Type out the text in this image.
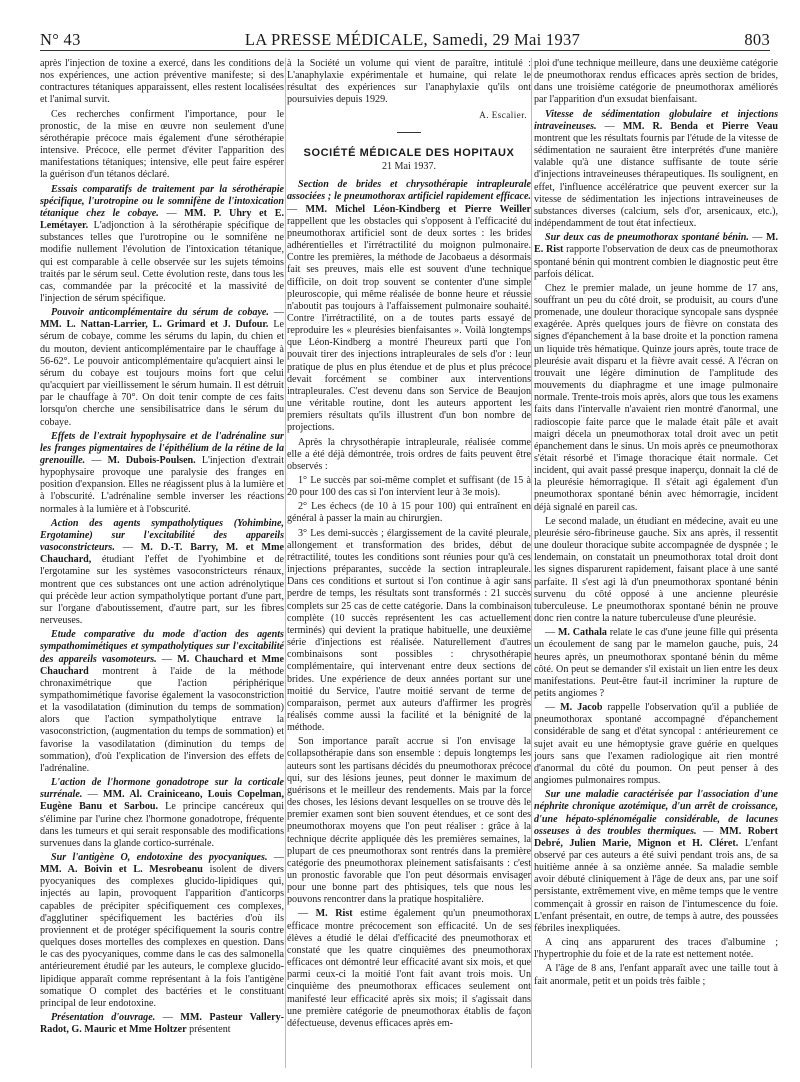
N° 43	LA PRESSE MÉDICALE, Samedi, 29 Mai 1937	803

après l'injection de toxine a exercé, dans les conditions de nos expériences, une action préventive manifeste; si des contractures tétaniques apparaissent, elles restent localisées et l'animal survit.

Ces recherches confirment l'importance, pour le pronostic, de la mise en œuvre non seulement d'une sérothérapie précoce mais également d'une sérothérapie intensive. Précoce, elle permet d'éviter l'apparition des manifestations tétaniques; intensive, elle peut faire espérer la guérison d'un tétanos déclaré.

Essais comparatifs de traitement par la sérothérapie spécifique, l'urotropine ou le somnifène de l'intoxication tétanique chez le cobaye. — MM. P. Uhry et E. Lemétayer. L'adjonction à la sérothérapie spécifique de substances telles que l'urotropine ou le somnifène ne modifie nullement l'évolution de l'intoxication tétanique, qui est comparable à celle observée sur les sujets témoins traités par le sérum seul. Cette évolution reste, dans tous les cas, commandée par la précocité et la massivité de l'injection de sérum spécifique.

Pouvoir anticomplémentaire du sérum de cobaye. — MM. L. Nattan-Larrier, L. Grimard et J. Dufour. Le sérum de cobaye, comme les sérums du lapin, du chien et du mouton, devient anticomplémentaire par le chauffage à 56-62°. Le pouvoir anticomplémentaire qu'acquiert ainsi le sérum du cobaye est toujours moins fort que celui qu'acquiert par vieillissement le sérum humain. Il est détruit par le chauffage à 70°. On doit tenir compte de ces faits lorsqu'on cherche une sensibilisatrice dans le sérum du cobaye.

Effets de l'extrait hypophysaire et de l'adrénaline sur les franges pigmentaires de l'épithélium de la rétine de la grenouille. — M. Dubois-Poulsen. L'injection d'extrait hypophysaire provoque une paralysie des franges en position d'expansion. Elles ne réagissent plus à la lumière et à l'obscurité. L'adrénaline semble inverser les réactions normales à la lumière et à l'obscurité.

Action des agents sympatholytiques (Yohimbine, Ergotamine) sur l'excitabilité des appareils vasoconstricteurs. — M. D.-T. Barry, M. et Mme Chauchard, étudiant l'effet de l'yohimbine et de l'ergotamine sur les systèmes vasoconstricteurs rénaux, montrent que ces substances ont une action adrénolytique qui précède leur action sympatholytique portant d'une part, sur l'organe d'aboutissement, d'autre part, sur les fibres nerveuses.

Etude comparative du mode d'action des agents sympathomimétiques et sympatholytiques sur l'excitabilité des appareils vasomoteurs. — M. Chauchard et Mme Chauchard montrent à l'aide de la méthode chronaximétrique que l'action périphérique sympathomimétique favorise également la vasoconstriction et la vasodilatation (diminution du temps de sommation) alors que l'action sympatholytique entrave la vasoconstriction, (augmentation du temps de sommation) et favorise la vasodilatation (diminution du temps de sommation), d'où l'explication de l'inversion des effets de l'adrénaline.

L'action de l'hormone gonadotrope sur la corticale surrénale. — MM. Al. Crainiceano, Louis Copelman, Eugène Banu et Sarbou. Le principe cancéreux qui s'élimine par l'urine chez l'hormone gonadotrope, fréquente dans les tumeurs et qui serait responsable des modifications survenues dans la glande cortico-surrénale.

Sur l'antigène O, endotoxine des pyocyaniques. — MM. A. Boivin et L. Mesrobeanu isolent de divers pyocyaniques des complexes glucido-lipidiques qui, injectés au lapin, provoquent l'apparition d'anticorps capables de précipiter spécifiquement ces complexes, d'agglutiner spécifiquement les bactéries d'où ils proviennent et de protéger spécifiquement la souris contre quelques doses mortelles des complexes en question. Dans le cas des pyocyaniques, comme dans le cas des salmonella antérieurement étudié par les auteurs, le complexe glucido-lipidique apparaît comme représentant à la fois l'antigène somatique O complet des bactéries et le constituant principal de leur endotoxine.

Présentation d'ouvrage. — MM. Pasteur Vallery-Radot, G. Mauric et Mme Holtzer présentent

à la Société un volume qui vient de paraître, intitulé : L'anaphylaxie expérimentale et humaine, qui relate le résultat des expériences sur l'anaphylaxie qu'ils ont poursuivies depuis 1929.

A. Escalier.

SOCIÉTÉ MÉDICALE DES HOPITAUX
21 Mai 1937.

Section de brides et chrysothérapie intrapleurale associées ; le pneumothorax artificiel rapidement efficace. — MM. Michel Léon-Kindberg et Pierre Weiller rappellent que les obstacles qui s'opposent à l'efficacité du pneumothorax artificiel sont de deux sortes : les brides adhérentielles et l'irrétractilité du moignon pulmonaire. Contre les premières, la méthode de Jacobaeus a désormais fait ses preuves, mais elle est souvent d'une technique difficile, on doit trop souvent se contenter d'une simple pleuroscopie, qui même réalisée de bonne heure et réussie n'aboutit pas toujours à l'affaissement pulmonaire souhaité. Contre l'irrétractilité, on a de toutes parts essayé de reproduire les « pleurésies bienfaisantes ». Voilà longtemps que Léon-Kindberg a montré l'heureux parti que l'on pouvait tirer des injections intrapleurales de sels d'or : leur pratique de plus en plus étendue et de plus et plus précoce devait forcément se combiner aux interventions intrapleurales. C'est devenu dans son Service de Beaujon une véritable routine, dont les auteurs apportent les premiers résultats qu'ils illustrent d'un bon nombre de projections.

Après la chrysothérapie intrapleurale, réalisée comme elle a été déjà démontrée, trois ordres de faits peuvent être observés :

1° Le succès par soi-même complet et suffisant (de 15 à 20 pour 100 des cas si l'on intervient leur à 3e mois).

2° Les échecs (de 10 à 15 pour 100) qui entraînent en général à passer la main au chirurgien.

3° Les demi-succès ; élargissement de la cavité pleurale, allongement et transformation des brides, début de rétractilité, toutes les conditions sont réunies pour qu'à ces injections préparantes, succède la section intrapleurale. Dans ces conditions et surtout si l'on continue à agir sans perdre de temps, les résultats sont transformés : 21 succès complets sur 25 cas de cette catégorie. Dans la combinaison complète (10 succès représentent les cas actuellement terminés) qui devient la pratique habituelle, une deuxième série d'injections est réalisée. Naturellement d'autres combinaisons sont possibles : chrysothérapie complémentaire, qui intervenant entre deux sections de brides. Une expérience de deux années portant sur une moitié du Service, l'autre moitié servant de terme de comparaison, permet aux auteurs d'affirmer les progrès réalisés comme aussi la facilité et la bénignité de la méthode.

Son importance paraît accrue si l'on envisage la collapsothérapie dans son ensemble : depuis longtemps les auteurs sont les partisans décidés du pneumothorax précoce qui, sur des lésions jeunes, peut donner le maximum de guérisons et le meilleur des rendements. Mais par la force des choses, les lésions devant lesquelles on se trouve dès le premier examen sont bien souvent étendues, et ce sont des pneumothorax moyens que l'on peut réaliser : grâce à la technique décrite appliquée dès les premières semaines, la plupart de ces pneumothorax sont rentrés dans la première catégorie des pneumothorax pleinement satisfaisants : c'est un pronostic favorable que l'on peut désormais envisager pour une bonne part des phtisiques, tels que nous les pouvons rencontrer dans la pratique hospitalière.

— M. Rist estime également qu'un pneumothorax efficace montre précocement son efficacité. Un de ses élèves a étudié le délai d'efficacité des pneumothorax et constaté que les quatre cinquièmes des pneumothorax efficaces ont démontré leur efficacité avant six mois, et que parmi ceux-ci la moitié l'ont fait avant trois mois. Un cinquième des pneumothorax efficaces seulement ont manifesté leur efficacité après six mois; il s'agissait dans une première catégorie de pneumothorax établis de façon défectueuse, devenus efficaces après em-

ploi d'une technique meilleure, dans une deuxième catégorie de pneumothorax rendus efficaces après section de brides, dans une troisième catégorie de pneumothorax améliorés par l'apparition d'un exsudat bienfaisant.

Vitesse de sédimentation globulaire et injections intraveineuses. — MM. R. Benda et Pierre Veau montrent que les résultats fournis par l'étude de la vitesse de sédimentation ne sauraient être interprétés d'une manière valable qu'à une distance suffisante de toute série d'injections intraveineuses thérapeutiques. Ils soulignent, en effet, l'influence accélératrice que peuvent exercer sur la vitesse de sédimentation les injections intraveineuses de substances diverses (calcium, sels d'or, arsenicaux, etc.), indépendamment de tout état infectieux.

Sur deux cas de pneumothorax spontané bénin. — M. E. Rist rapporte l'observation de deux cas de pneumothorax spontané bénin qui montrent combien le diagnostic peut être parfois délicat.

Chez le premier malade, un jeune homme de 17 ans, souffrant un peu du côté droit, se produisit, au cours d'une promenade, une douleur thoracique syncopale sans dyspnée exagérée. Après quelques jours de fièvre on constata des signes d'épanchement à la base droite et la ponction ramena un liquide très hématique. Quinze jours après, toute trace de pleurésie avait disparu et la fièvre avait cessé. A l'écran on trouvait une légère diminution de l'amplitude des mouvements du diaphragme et une image pulmonaire normale. Trente-trois mois après, alors que tous les examens faits dans l'intervalle n'avaient rien montré d'anormal, une radioscopie faite parce que le malade était pâle et avait maigri décela un pneumothorax total droit avec un petit épanchement dans le sinus. Un mois après ce pneumothorax s'était résorbé et l'image thoracique était normale. Cet incident, qui avait passé presque inaperçu, donnait la clé de la pleurésie hémorragique. Il s'était agi également d'un pneumothorax spontané bénin avec hémorragie, incident déjà signalé en pareil cas.

Le second malade, un étudiant en médecine, avait eu une pleurésie séro-fibrineuse gauche. Six ans après, il ressentit une douleur thoracique subite accompagnée de dyspnée ; le lendemain, on constatait un pneumothorax total droit dont les signes disparurent rapidement, faisant place à une santé parfaite. Il s'est agi là d'un pneumothorax spontané bénin survenu du côté opposé à une ancienne pleurésie tuberculeuse. Le pneumothorax spontané bénin ne prouve donc rien contre la nature tuberculeuse d'une pleurésie.

— M. Cathala relate le cas d'une jeune fille qui présenta un écoulement de sang par le mamelon gauche, puis, 24 heures après, un pneumothorax spontané bénin du même côté. On peut se demander s'il existait un lien entre les deux manifestations. Peut-être faut-il incriminer la rupture de petits angiomes ?

— M. Jacob rappelle l'observation qu'il a publiée de pneumothorax spontané accompagné d'épanchement considérable de sang et d'état syncopal : antérieurement ce sujet avait eu une hémoptysie grave guérie en quelques jours sans que l'examen radiologique ait rien montré d'anormal du côté du poumon. On peut penser à des angiomes pulmonaires rompus.

Sur une maladie caractérisée par l'association d'une néphrite chronique azotémique, d'un arrêt de croissance, d'une hépato-splénomégalie considérable, de lacunes osseuses à des troubles thermiques. — MM. Robert Debré, Julien Marie, Mignon et H. Cléret. L'enfant observé par ces auteurs a été suivi pendant trois ans, de sa huitième année à sa onzième année. Sa maladie semble avoir débuté cliniquement à l'âge de deux ans, par une soif persistante, extrêmement vive, en même temps que le ventre commençait à grossir en raison de l'intumescence du foie. L'enfant présentait, en outre, de temps à autre, des poussées fébriles inexpliquées.

A cinq ans apparurent des traces d'albumine ; l'hypertrophie du foie et de la rate est nettement notée.

A l'âge de 8 ans, l'enfant apparaît avec une taille tout à fait anormale, petit et un poids très faible ;
